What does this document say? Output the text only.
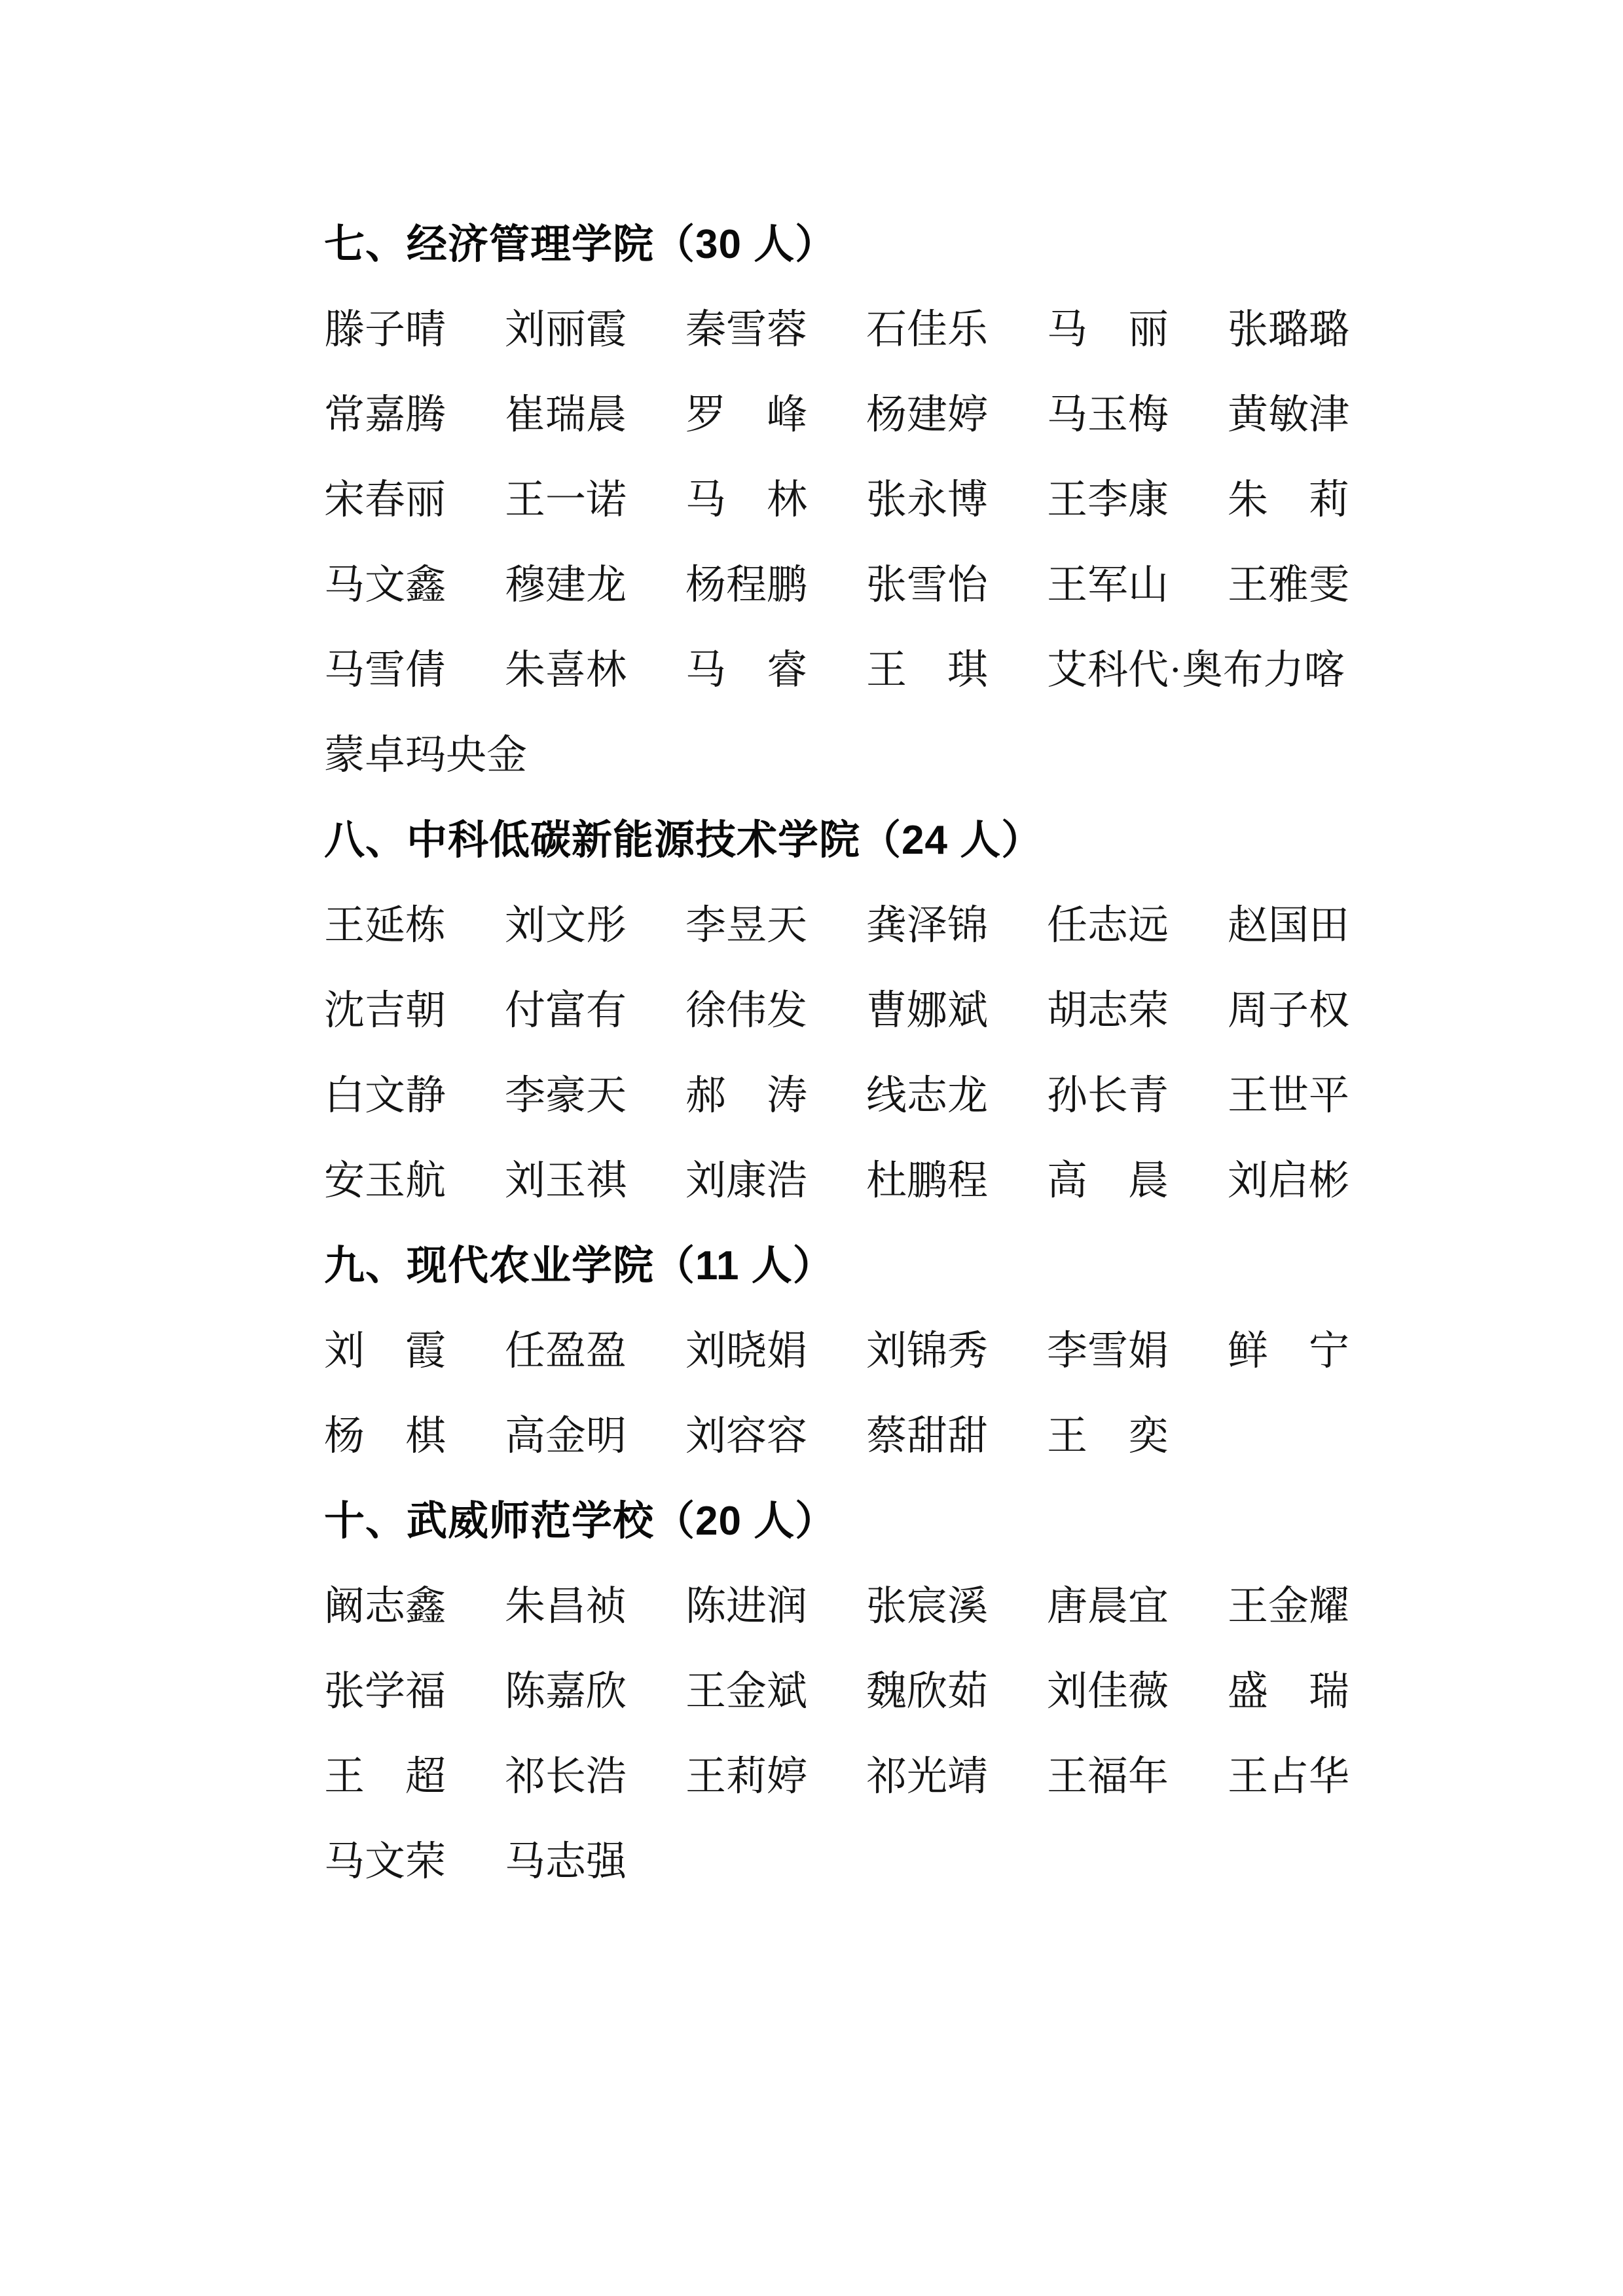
七、经济管理学院（30 人）
滕子晴 刘丽霞 秦雪蓉 石佳乐 马　丽 张璐璐
常嘉腾 崔瑞晨 罗　峰 杨建婷 马玉梅 黄敏津
宋春丽 王一诺 马　林 张永博 王李康 朱　莉
马文鑫 穆建龙 杨程鹏 张雪怡 王军山 王雅雯
马雪倩 朱喜林 马　睿 王　琪 艾科代·奥布力喀
蒙卓玛央金
八、中科低碳新能源技术学院（24 人）
王延栋 刘文彤 李昱天 龚泽锦 任志远 赵国田
沈吉朝 付富有 徐伟发 曹娜斌 胡志荣 周子权
白文静 李豪天 郝　涛 线志龙 孙长青 王世平
安玉航 刘玉祺 刘康浩 杜鹏程 高　晨 刘启彬
九、现代农业学院（11 人）
刘　霞 任盈盈 刘晓娟 刘锦秀 李雪娟 鲜　宁
杨　棋 高金明 刘容容 蔡甜甜 王　奕
十、武威师范学校（20 人）
阚志鑫 朱昌祯 陈进润 张宸溪 唐晨宜 王金耀
张学福 陈嘉欣 王金斌 魏欣茹 刘佳薇 盛　瑞
王　超 祁长浩 王莉婷 祁光靖 王福年 王占华
马文荣 马志强
